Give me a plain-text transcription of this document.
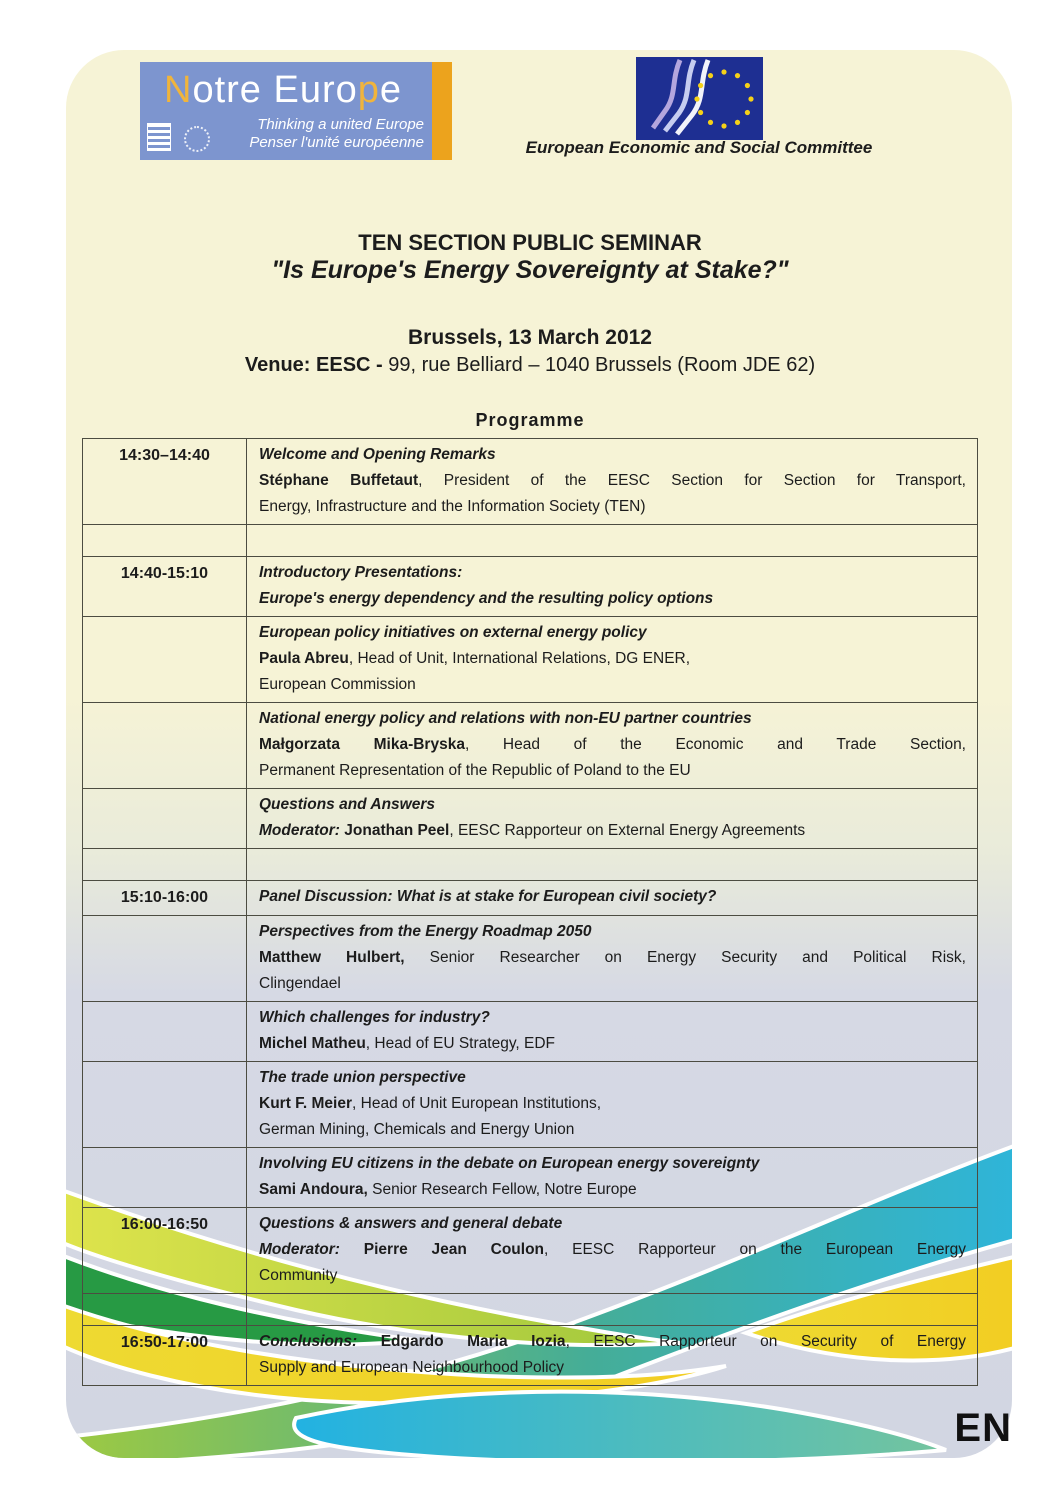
Notre Europe
Thinking a united Europe
Penser l'unité européenne	European Economic and Social Committee
TEN SECTION PUBLIC SEMINAR
"Is Europe's Energy Sovereignty at Stake?"
Brussels, 13 March 2012
Venue: EESC - 99, rue Belliard – 1040 Brussels (Room JDE 62)
Programme
14:30–14:40	Welcome and Opening Remarks
Stéphane Buffetaut, President of the EESC Section for Section for Transport,
Energy, Infrastructure and the Information Society (TEN)

14:40-15:10	Introductory Presentations:
Europe's energy dependency and the resulting policy options

	European policy initiatives on external energy policy
Paula Abreu, Head of Unit, International Relations, DG ENER,
European Commission

	National energy policy and relations with non-EU partner countries
Małgorzata Mika-Bryska, Head of the Economic and Trade Section,
Permanent Representation of the Republic of Poland to the EU

	Questions and Answers
Moderator: Jonathan Peel, EESC Rapporteur on External Energy Agreements

15:10-16:00	Panel Discussion: What is at stake for European civil society?

	Perspectives from the Energy Roadmap 2050
Matthew Hulbert, Senior Researcher on Energy Security and Political Risk,
Clingendael

	Which challenges for industry?
Michel Matheu, Head of EU Strategy, EDF

	The trade union perspective
Kurt F. Meier, Head of Unit European Institutions,
German Mining, Chemicals and Energy Union

	Involving EU citizens in the debate on European energy sovereignty
Sami Andoura, Senior Research Fellow, Notre Europe

16:00-16:50	Questions & answers and general debate
Moderator: Pierre Jean Coulon, EESC Rapporteur on the European Energy
Community

16:50-17:00	Conclusions: Edgardo Maria Iozia, EESC Rapporteur on Security of Energy
Supply and European Neighbourhood Policy
EN
